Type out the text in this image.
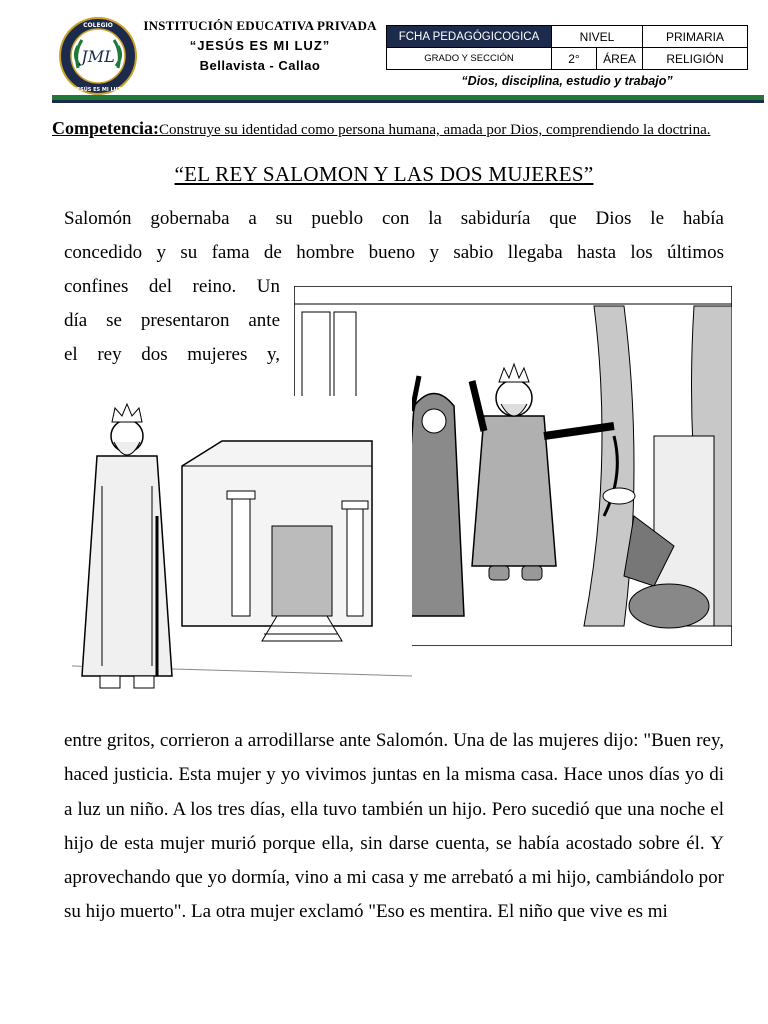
JML
COLEGIO
JESÚS ES MI LUZ
INSTITUCIÓN EDUCATIVA PRIVADA
“JESÚS ES MI LUZ”
Bellavista - Callao
FCHA PEDAGÓGICOGICA	NIVEL		PRIMARIA
GRADO Y SECCIÓN	2°	ÁREA	RELIGIÓN
“Dios, disciplina, estudio y trabajo”
Competencia:Construye su identidad como persona humana, amada por Dios, comprendiendo la doctrina.
“EL REY SALOMON Y LAS DOS MUJERES”
Salomón gobernaba a su pueblo con la sabiduría que Dios le había
concedido y su fama de hombre bueno y sabio llegaba hasta los últimos
confines del reino. Un
día se presentaron ante
el rey dos mujeres y,
entre gritos, corrieron a arrodillarse ante Salomón. Una de las mujeres dijo: "Buen rey, haced justicia. Esta mujer y yo vivimos juntas en la misma casa. Hace unos días yo di a luz un niño. A los tres días, ella tuvo también un hijo. Pero sucedió que una noche el hijo de esta mujer murió porque ella, sin darse cuenta, se había acostado sobre él. Y aprovechando que yo dormía, vino a mi casa y me arrebató a mi hijo, cambiándolo por su hijo muerto". La otra mujer exclamó "Eso es mentira. El niño que vive es mi
